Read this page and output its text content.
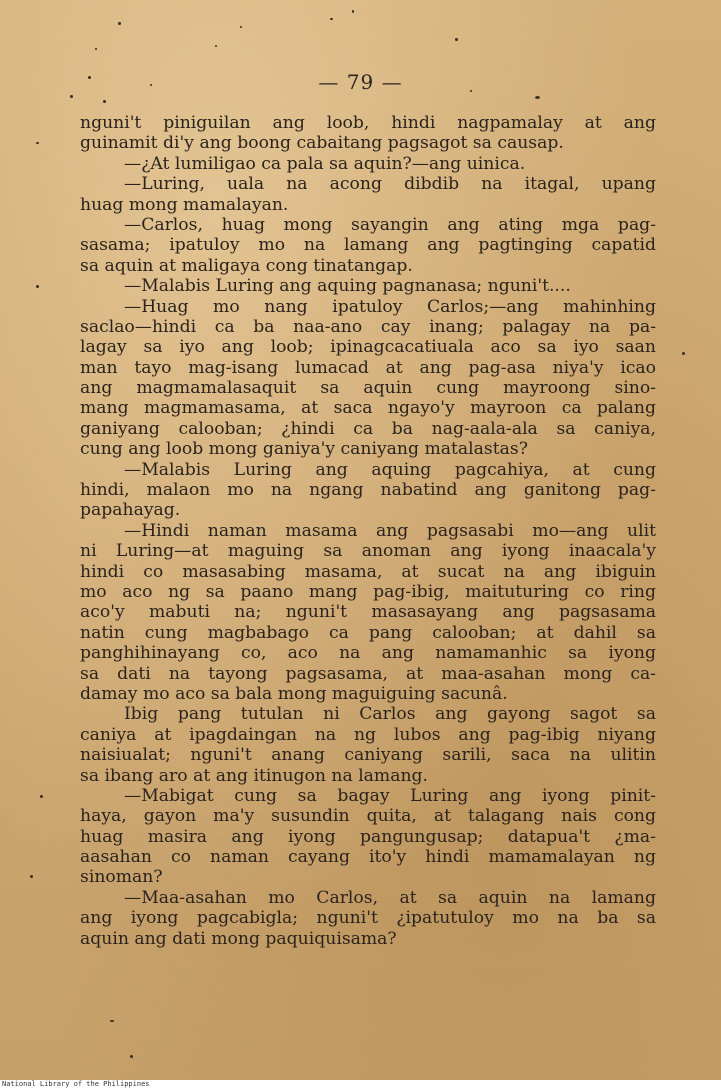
— 79 —
nguni't piniguilan ang loob, hindi nagpamalay at ang
guinamit di'y ang boong cabaitang pagsagot sa causap.
—¿At lumiligao ca pala sa aquin?—ang uinica.
—Luring, uala na acong dibdib na itagal, upang
huag mong mamalayan.
—Carlos, huag mong sayangin ang ating mga pag-
sasama; ipatuloy mo na lamang ang pagtinging capatid
sa aquin at maligaya cong tinatangap.
—Malabis Luring ang aquing pagnanasa; nguni't....
—Huag mo nang ipatuloy Carlos;—ang mahinhing
saclao—hindi ca ba naa-ano cay inang; palagay na pa-
lagay sa iyo ang loob; ipinagcacatiuala aco sa iyo saan
man tayo mag-isang lumacad at ang pag-asa niya'y icao
ang magmamalasaquit sa aquin cung mayroong sino-
mang magmamasama, at saca ngayo'y mayroon ca palang
ganiyang calooban; ¿hindi ca ba nag-aala-ala sa caniya,
cung ang loob mong ganiya'y caniyang matalastas?
—Malabis Luring ang aquing pagcahiya, at cung
hindi, malaon mo na ngang nabatind ang ganitong pag-
papahayag.
—Hindi naman masama ang pagsasabi mo—ang ulit
ni Luring—at maguing sa anoman ang iyong inaacala'y
hindi co masasabing masama, at sucat na ang ibiguin
mo aco ng sa paano mang pag-ibig, maituturing co ring
aco'y mabuti na; nguni't masasayang ang pagsasama
natin cung magbabago ca pang calooban; at dahil sa
panghihinayang co, aco na ang namamanhic sa iyong
sa dati na tayong pagsasama, at maa-asahan mong ca-
damay mo aco sa bala mong maguiguing sacunâ.
Ibig pang tutulan ni Carlos ang gayong sagot sa
caniya at ipagdaingan na ng lubos ang pag-ibig niyang
naisiualat; nguni't anang caniyang sarili, saca na ulitin
sa ibang aro at ang itinugon na lamang.
—Mabigat cung sa bagay Luring ang iyong pinit-
haya, gayon ma'y susundin quita, at talagang nais cong
huag masira ang iyong pangungusap; datapua't ¿ma-
aasahan co naman cayang ito'y hindi mamamalayan ng
sinoman?
—Maa-asahan mo Carlos, at sa aquin na lamang
ang iyong pagcabigla; nguni't ¿ipatutuloy mo na ba sa
aquin ang dati mong paquiquisama?
National Library of the Philippines
